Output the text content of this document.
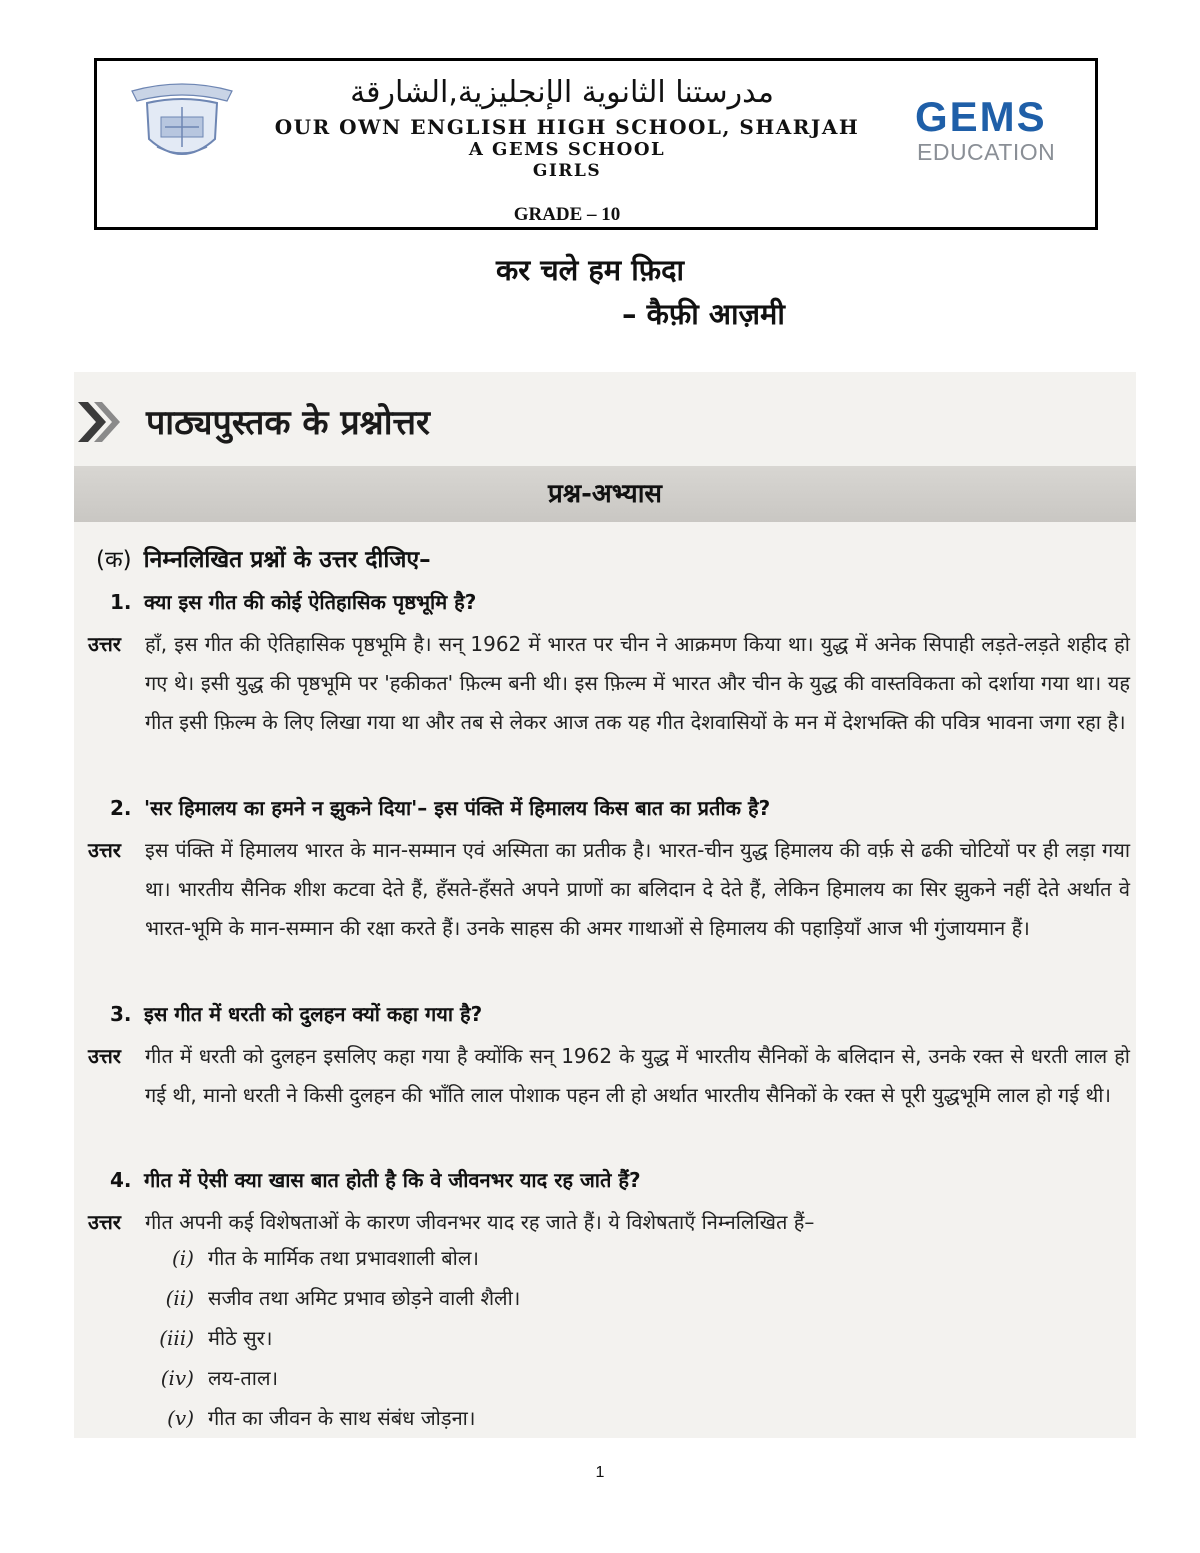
مدرستنا الثانوية الإنجليزية,الشارقة
OUR OWN ENGLISH HIGH SCHOOL, SHARJAH
A GEMS SCHOOL
GIRLS
GRADE – 10
GEMS
EDUCATION
कर चले हम फ़िदा
– कैफ़ी आज़मी
पाठ्यपुस्तक के प्रश्नोत्तर
प्रश्न-अभ्यास
(क) निम्नलिखित प्रश्नों के उत्तर दीजिए–
1. क्या इस गीत की कोई ऐतिहासिक पृष्ठभूमि है?
उत्तर हाँ, इस गीत की ऐतिहासिक पृष्ठभूमि है। सन् 1962 में भारत पर चीन ने आक्रमण किया था। युद्ध में अनेक सिपाही लड़ते-लड़ते शहीद हो गए थे। इसी युद्ध की पृष्ठभूमि पर 'हकीकत' फ़िल्म बनी थी। इस फ़िल्म में भारत और चीन के युद्ध की वास्तविकता को दर्शाया गया था। यह गीत इसी फ़िल्म के लिए लिखा गया था और तब से लेकर आज तक यह गीत देशवासियों के मन में देशभक्ति की पवित्र भावना जगा रहा है।
2. 'सर हिमालय का हमने न झुकने दिया'– इस पंक्ति में हिमालय किस बात का प्रतीक है?
उत्तर इस पंक्ति में हिमालय भारत के मान-सम्मान एवं अस्मिता का प्रतीक है। भारत-चीन युद्ध हिमालय की वर्फ़ से ढकी चोटियों पर ही लड़ा गया था। भारतीय सैनिक शीश कटवा देते हैं, हँसते-हँसते अपने प्राणों का बलिदान दे देते हैं, लेकिन हिमालय का सिर झुकने नहीं देते अर्थात वे भारत-भूमि के मान-सम्मान की रक्षा करते हैं। उनके साहस की अमर गाथाओं से हिमालय की पहाड़ियाँ आज भी गुंजायमान हैं।
3. इस गीत में धरती को दुलहन क्यों कहा गया है?
उत्तर गीत में धरती को दुलहन इसलिए कहा गया है क्योंकि सन् 1962 के युद्ध में भारतीय सैनिकों के बलिदान से, उनके रक्त से धरती लाल हो गई थी, मानो धरती ने किसी दुलहन की भाँति लाल पोशाक पहन ली हो अर्थात भारतीय सैनिकों के रक्त से पूरी युद्धभूमि लाल हो गई थी।
4. गीत में ऐसी क्या खास बात होती है कि वे जीवनभर याद रह जाते हैं?
उत्तर गीत अपनी कई विशेषताओं के कारण जीवनभर याद रह जाते हैं। ये विशेषताएँ निम्नलिखित हैं–
(i) गीत के मार्मिक तथा प्रभावशाली बोल।
(ii) सजीव तथा अमिट प्रभाव छोड़ने वाली शैली।
(iii) मीठे सुर।
(iv) लय-ताल।
(v) गीत का जीवन के साथ संबंध जोड़ना।
1
